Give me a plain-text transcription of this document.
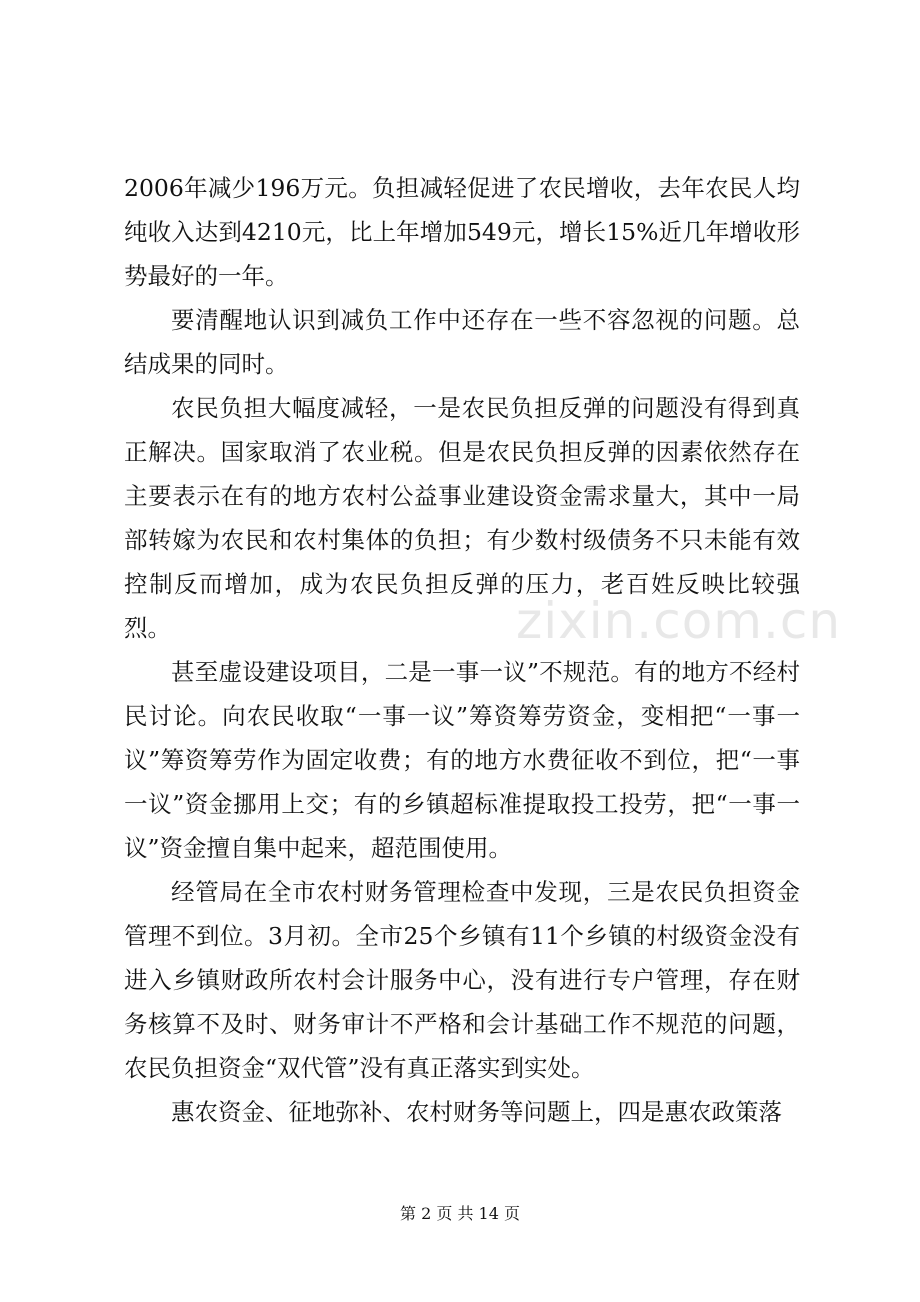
2006年减少196万元。负担减轻促进了农民增收，去年农民人均纯收入达到4210元，比上年增加549元，增长15%近几年增收形势最好的一年。

要清醒地认识到减负工作中还存在一些不容忽视的问题。总结成果的同时。

农民负担大幅度减轻，一是农民负担反弹的问题没有得到真正解决。国家取消了农业税。但是农民负担反弹的因素依然存在主要表示在有的地方农村公益事业建设资金需求量大，其中一局部转嫁为农民和农村集体的负担；有少数村级债务不只未能有效控制反而增加，成为农民负担反弹的压力，老百姓反映比较强烈。

甚至虚设建设项目，二是一事一议”不规范。有的地方不经村民讨论。向农民收取“一事一议”筹资筹劳资金，变相把“一事一议”筹资筹劳作为固定收费；有的地方水费征收不到位，把“一事一议”资金挪用上交；有的乡镇超标准提取投工投劳，把“一事一议”资金擅自集中起来，超范围使用。

经管局在全市农村财务管理检查中发现，三是农民负担资金管理不到位。3月初。全市25个乡镇有11个乡镇的村级资金没有进入乡镇财政所农村会计服务中心，没有进行专户管理，存在财务核算不及时、财务审计不严格和会计基础工作不规范的问题，农民负担资金“双代管”没有真正落实到实处。

惠农资金、征地弥补、农村财务等问题上，四是惠农政策落

zixin.com.cn
第 2 页 共 14 页
